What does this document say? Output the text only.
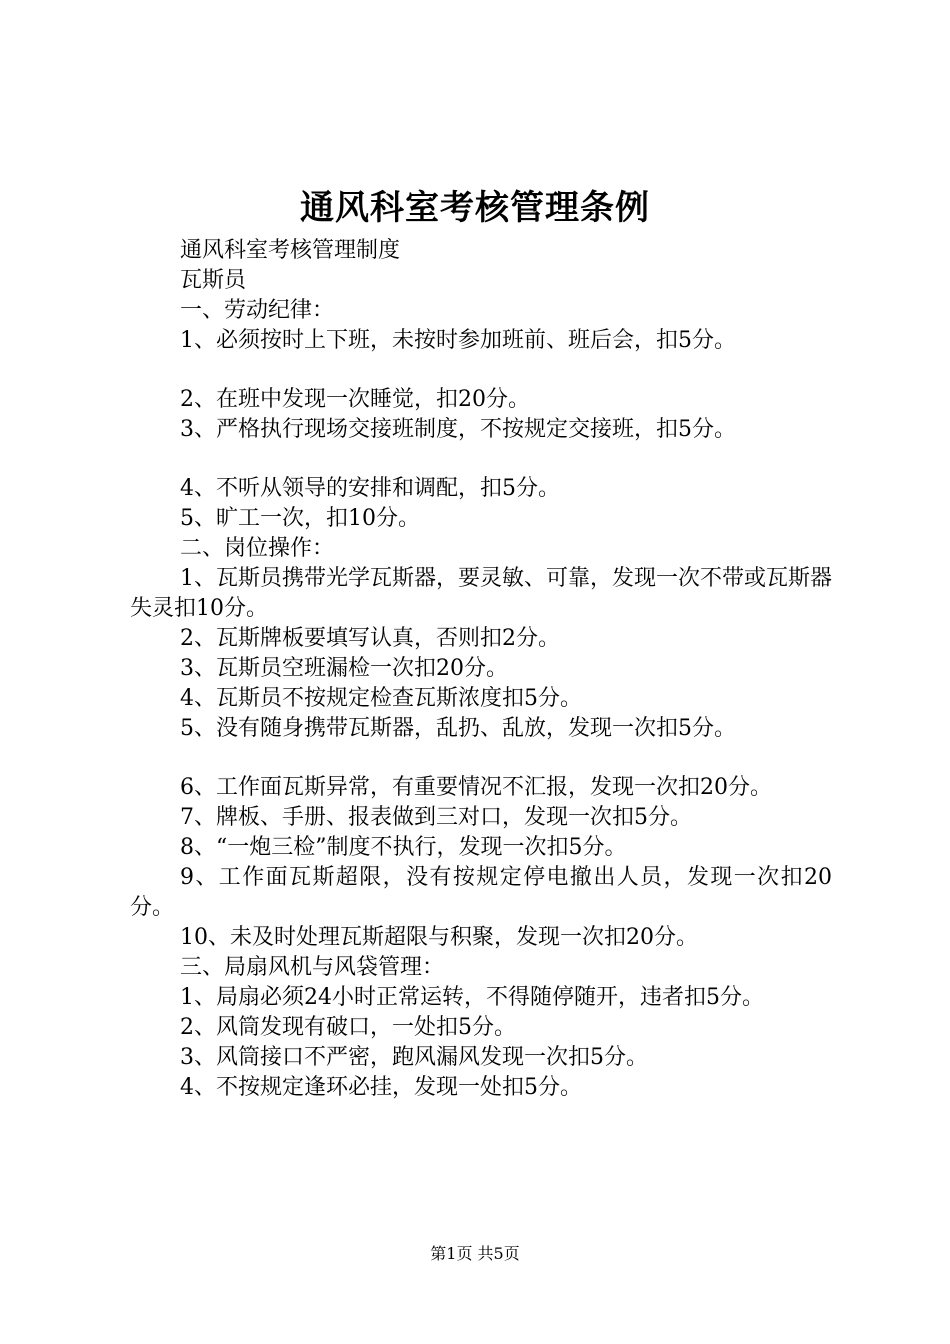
通风科室考核管理条例
通风科室考核管理制度
瓦斯员
一、劳动纪律：
1、必须按时上下班，未按时参加班前、班后会，扣5分。
2、在班中发现一次睡觉，扣20分。
3、严格执行现场交接班制度，不按规定交接班，扣5分。
4、不听从领导的安排和调配，扣5分。
5、旷工一次，扣10分。
二、岗位操作：
1、瓦斯员携带光学瓦斯器，要灵敏、可靠，发现一次不带或瓦斯器失灵扣10分。
2、瓦斯牌板要填写认真，否则扣2分。
3、瓦斯员空班漏检一次扣20分。
4、瓦斯员不按规定检查瓦斯浓度扣5分。
5、没有随身携带瓦斯器，乱扔、乱放，发现一次扣5分。
6、工作面瓦斯异常，有重要情况不汇报，发现一次扣20分。
7、牌板、手册、报表做到三对口，发现一次扣5分。
8、“一炮三检”制度不执行，发现一次扣5分。
9、工作面瓦斯超限，没有按规定停电撤出人员，发现一次扣20分。
10、未及时处理瓦斯超限与积聚，发现一次扣20分。
三、局扇风机与风袋管理：
1、局扇必须24小时正常运转，不得随停随开，违者扣5分。
2、风筒发现有破口，一处扣5分。
3、风筒接口不严密，跑风漏风发现一次扣5分。
4、不按规定逢环必挂，发现一处扣5分。
第1页 共5页
